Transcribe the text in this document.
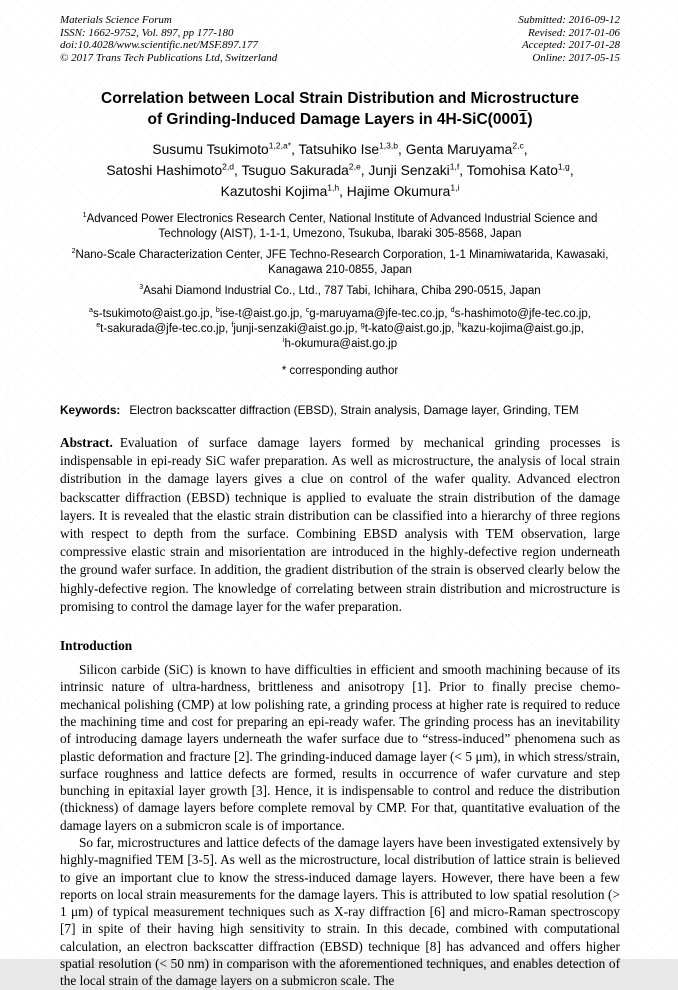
Materials Science Forum
ISSN: 1662-9752, Vol. 897, pp 177-180
doi:10.4028/www.scientific.net/MSF.897.177
© 2017 Trans Tech Publications Ltd, Switzerland
Submitted: 2016-09-12
Revised: 2017-01-06
Accepted: 2017-01-28
Online: 2017-05-15
Correlation between Local Strain Distribution and Microstructure
of Grinding-Induced Damage Layers in 4H-SiC(0001)
Susumu Tsukimoto$^{1,2,a*}$, Tatsuhiko Ise$^{1,3,b}$, Genta Maruyama$^{2,c}$,
Satoshi Hashimoto$^{2,d}$, Tsuguo Sakurada$^{2,e}$, Junji Senzaki$^{1,f}$, Tomohisa Kato$^{1,g}$,
Kazutoshi Kojima$^{1,h}$, Hajime Okumura$^{1,i}$

$^1$Advanced Power Electronics Research Center, National Institute of Advanced Industrial Science and Technology (AIST), 1-1-1, Umezono, Tsukuba, Ibaraki 305-8568, Japan

$^2$Nano-Scale Characterization Center, JFE Techno-Research Corporation, 1-1 Minamiwatarida, Kawasaki, Kanagawa 210-0855, Japan

$^3$Asahi Diamond Industrial Co., Ltd., 787 Tabi, Ichihara, Chiba 290-0515, Japan

$^a$s-tsukimoto@aist.go.jp, $^b$ise-t@aist.go.jp, $^c$g-maruyama@jfe-tec.co.jp, $^d$s-hashimoto@jfe-tec.co.jp,
$^e$t-sakurada@jfe-tec.co.jp, $^f$junji-senzaki@aist.go.jp, $^g$t-kato@aist.go.jp, $^h$kazu-kojima@aist.go.jp,
$^i$h-okumura@aist.go.jp
* corresponding author
Keywords: Electron backscatter diffraction (EBSD), Strain analysis, Damage layer, Grinding, TEM

Abstract. Evaluation of surface damage layers formed by mechanical grinding processes is indispensable in epi-ready SiC wafer preparation. As well as microstructure, the analysis of local strain distribution in the damage layers gives a clue on control of the wafer quality. Advanced electron backscatter diffraction (EBSD) technique is applied to evaluate the strain distribution of the damage layers. It is revealed that the elastic strain distribution can be classified into a hierarchy of three regions with respect to depth from the surface. Combining EBSD analysis with TEM observation, large compressive elastic strain and misorientation are introduced in the highly-defective region underneath the ground wafer surface. In addition, the gradient distribution of the strain is observed clearly below the highly-defective region. The knowledge of correlating between strain distribution and microstructure is promising to control the damage layer for the wafer preparation.

Introduction

Silicon carbide (SiC) is known to have difficulties in efficient and smooth machining because of its intrinsic nature of ultra-hardness, brittleness and anisotropy [1]. Prior to finally precise chemo-mechanical polishing (CMP) at low polishing rate, a grinding process at higher rate is required to reduce the machining time and cost for preparing an epi-ready wafer. The grinding process has an inevitability of introducing damage layers underneath the wafer surface due to “stress-induced” phenomena such as plastic deformation and fracture [2]. The grinding-induced damage layer (< 5 μm), in which stress/strain, surface roughness and lattice defects are formed, results in occurrence of wafer curvature and step bunching in epitaxial layer growth [3]. Hence, it is indispensable to control and reduce the distribution (thickness) of damage layers before complete removal by CMP. For that, quantitative evaluation of the damage layers on a submicron scale is of importance.

So far, microstructures and lattice defects of the damage layers have been investigated extensively by highly-magnified TEM [3-5]. As well as the microstructure, local distribution of lattice strain is believed to give an important clue to know the stress-induced damage layers. However, there have been a few reports on local strain measurements for the damage layers. This is attributed to low spatial resolution (> 1 μm) of typical measurement techniques such as X-ray diffraction [6] and micro-Raman spectroscopy [7] in spite of their having high sensitivity to strain. In this decade, combined with computational calculation, an electron backscatter diffraction (EBSD) technique [8] has advanced and offers higher spatial resolution (< 50 nm) in comparison with the aforementioned techniques, and enables detection of the local strain of the damage layers on a submicron scale. The
